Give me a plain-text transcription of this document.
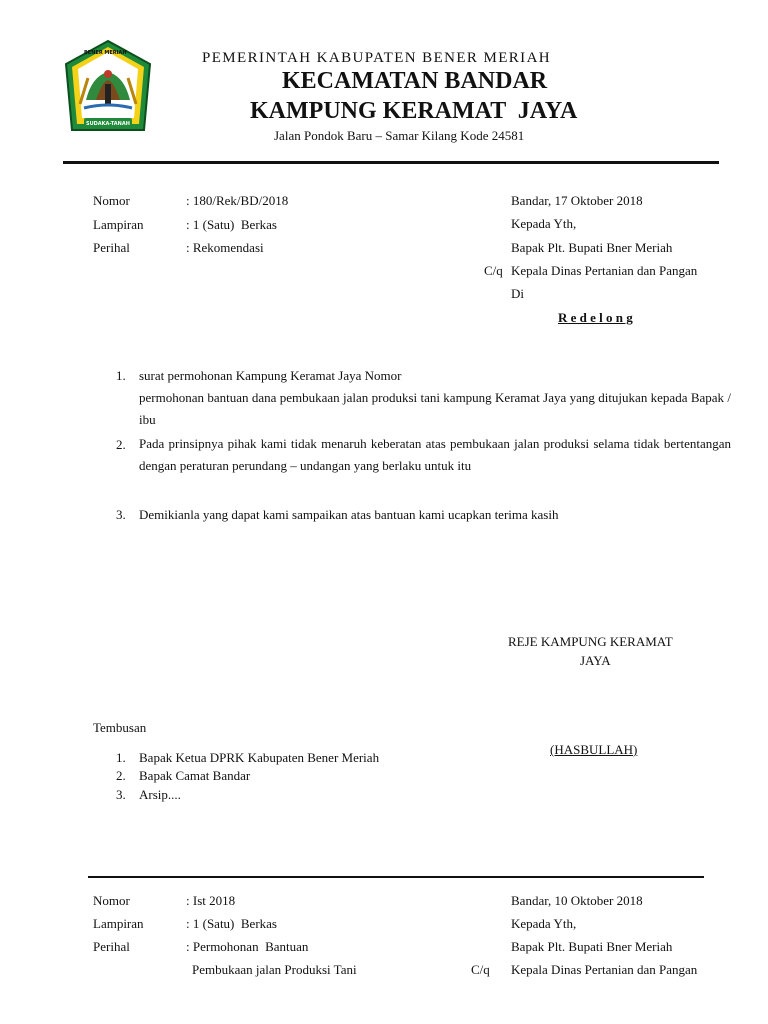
BENER MERIAH
SUDAKA-TANAH
PEMERINTAH KABUPATEN BENER MERIAH
KECAMATAN BANDAR
KAMPUNG KERAMAT  JAYA
Jalan Pondok Baru – Samar Kilang Kode 24581
Nomor	: 180/Rek/BD/2018
Lampiran	: 1 (Satu)  Berkas
Perihal	: Rekomendasi
Bandar, 17 Oktober 2018
Kepada Yth,
Bapak Plt. Bupati Bner Meriah
C/q Kepala Dinas Pertanian dan Pangan
Di
R e d e l o n g
1. surat permohonan Kampung Keramat Jaya Nomor
permohonan bantuan dana pembukaan jalan produksi tani kampung Keramat Jaya yang ditujukan kepada Bapak / ibu
2. Pada prinsipnya pihak kami tidak menaruh keberatan atas pembukaan jalan produksi selama tidak bertentangan dengan peraturan perundang – undangan yang berlaku untuk itu
3. Demikianla yang dapat kami sampaikan atas bantuan kami ucapkan terima kasih
REJE KAMPUNG KERAMAT
JAYA
(HASBULLAH)
Tembusan
1. Bapak Ketua DPRK Kabupaten Bener Meriah
2. Bapak Camat Bandar
3. Arsip....
Nomor	: Ist 2018
Lampiran	: 1 (Satu)  Berkas
Perihal	: Permohonan  Bantuan
Pembukaan jalan Produksi Tani
Bandar, 10 Oktober 2018
Kepada Yth,
Bapak Plt. Bupati Bner Meriah
C/q Kepala Dinas Pertanian dan Pangan
